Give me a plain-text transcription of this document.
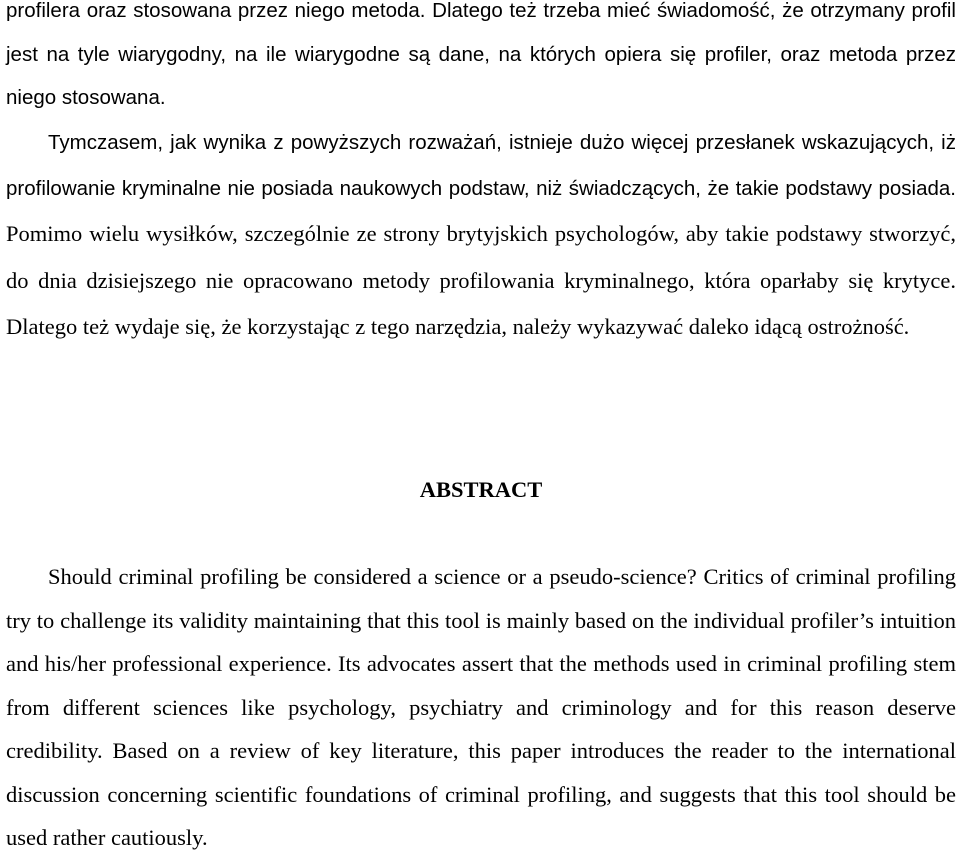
profilera oraz stosowana przez niego metoda. Dlatego też trzeba mieć świadomość, że otrzymany profil jest na tyle wiarygodny, na ile wiarygodne są dane, na których opiera się profiler, oraz metoda przez niego stosowana.

Tymczasem, jak wynika z powyższych rozważań, istnieje dużo więcej przesłanek wskazujących, iż profilowanie kryminalne nie posiada naukowych podstaw, niż świadczących, że takie podstawy posiada. Pomimo wielu wysiłków, szczególnie ze strony brytyjskich psychologów, aby takie podstawy stworzyć, do dnia dzisiejszego nie opracowano metody profilowania kryminalnego, która oparłaby się krytyce. Dlatego też wydaje się, że korzystając z tego narzędzia, należy wykazywać daleko idącą ostrożność.

ABSTRACT

Should criminal profiling be considered a science or a pseudo-science? Critics of criminal profiling try to challenge its validity maintaining that this tool is mainly based on the individual profiler’s intuition and his/her professional experience. Its advocates assert that the methods used in criminal profiling stem from different sciences like psychology, psychiatry and criminology and for this reason deserve credibility. Based on a review of key literature, this paper introduces the reader to the international discussion concerning scientific foundations of criminal profiling, and suggests that this tool should be used rather cautiously.
